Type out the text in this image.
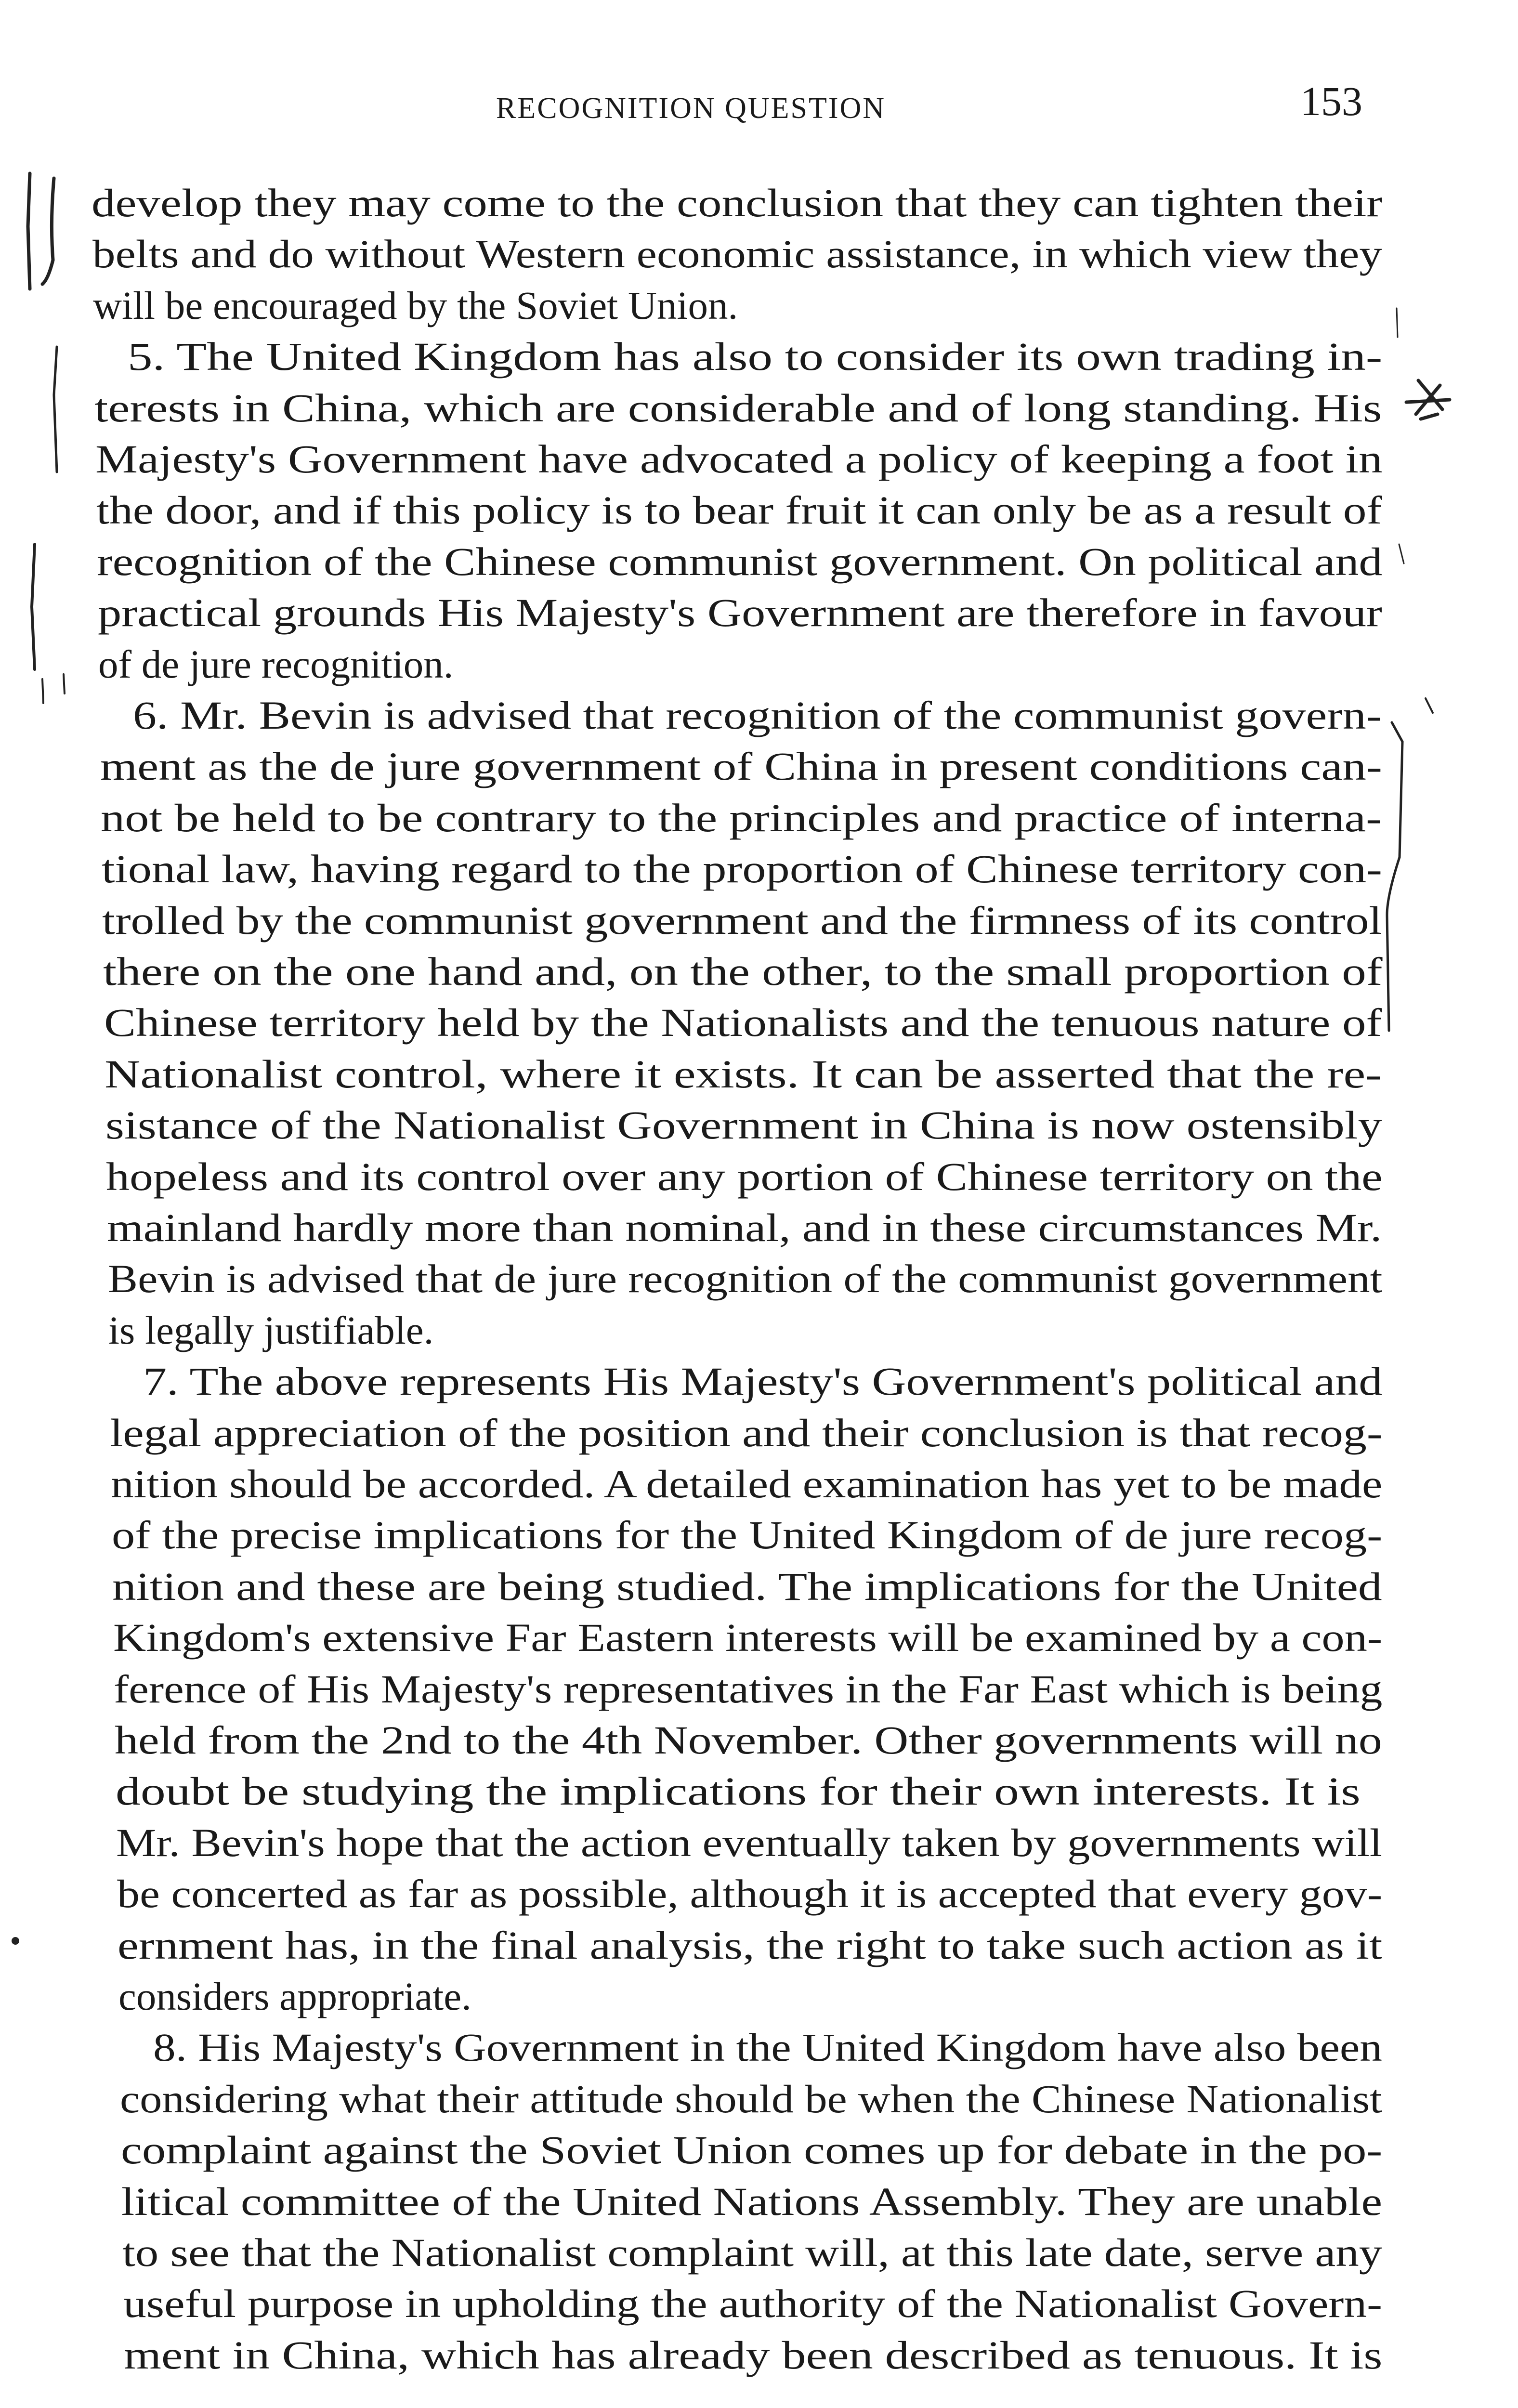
RECOGNITION QUESTION	153
develop they may come to the conclusion that they can tighten their
belts and do without Western economic assistance, in which view they
will be encouraged by the Soviet Union.
5. The United Kingdom has also to consider its own trading in-
terests in China, which are considerable and of long standing. His
Majesty's Government have advocated a policy of keeping a foot in
the door, and if this policy is to bear fruit it can only be as a result of
recognition of the Chinese communist government. On political and
practical grounds His Majesty's Government are therefore in favour
of de jure recognition.
6. Mr. Bevin is advised that recognition of the communist govern-
ment as the de jure government of China in present conditions can-
not be held to be contrary to the principles and practice of interna-
tional law, having regard to the proportion of Chinese territory con-
trolled by the communist government and the firmness of its control
there on the one hand and, on the other, to the small proportion of
Chinese territory held by the Nationalists and the tenuous nature of
Nationalist control, where it exists. It can be asserted that the re-
sistance of the Nationalist Government in China is now ostensibly
hopeless and its control over any portion of Chinese territory on the
mainland hardly more than nominal, and in these circumstances Mr.
Bevin is advised that de jure recognition of the communist government
is legally justifiable.
7. The above represents His Majesty's Government's political and
legal appreciation of the position and their conclusion is that recog-
nition should be accorded. A detailed examination has yet to be made
of the precise implications for the United Kingdom of de jure recog-
nition and these are being studied. The implications for the United
Kingdom's extensive Far Eastern interests will be examined by a con-
ference of His Majesty's representatives in the Far East which is being
held from the 2nd to the 4th November. Other governments will no
doubt be studying the implications for their own interests. It is
Mr. Bevin's hope that the action eventually taken by governments will
be concerted as far as possible, although it is accepted that every gov-
ernment has, in the final analysis, the right to take such action as it
considers appropriate.
8. His Majesty's Government in the United Kingdom have also been
considering what their attitude should be when the Chinese Nationalist
complaint against the Soviet Union comes up for debate in the po-
litical committee of the United Nations Assembly. They are unable
to see that the Nationalist complaint will, at this late date, serve any
useful purpose in upholding the authority of the Nationalist Govern-
ment in China, which has already been described as tenuous. It is
